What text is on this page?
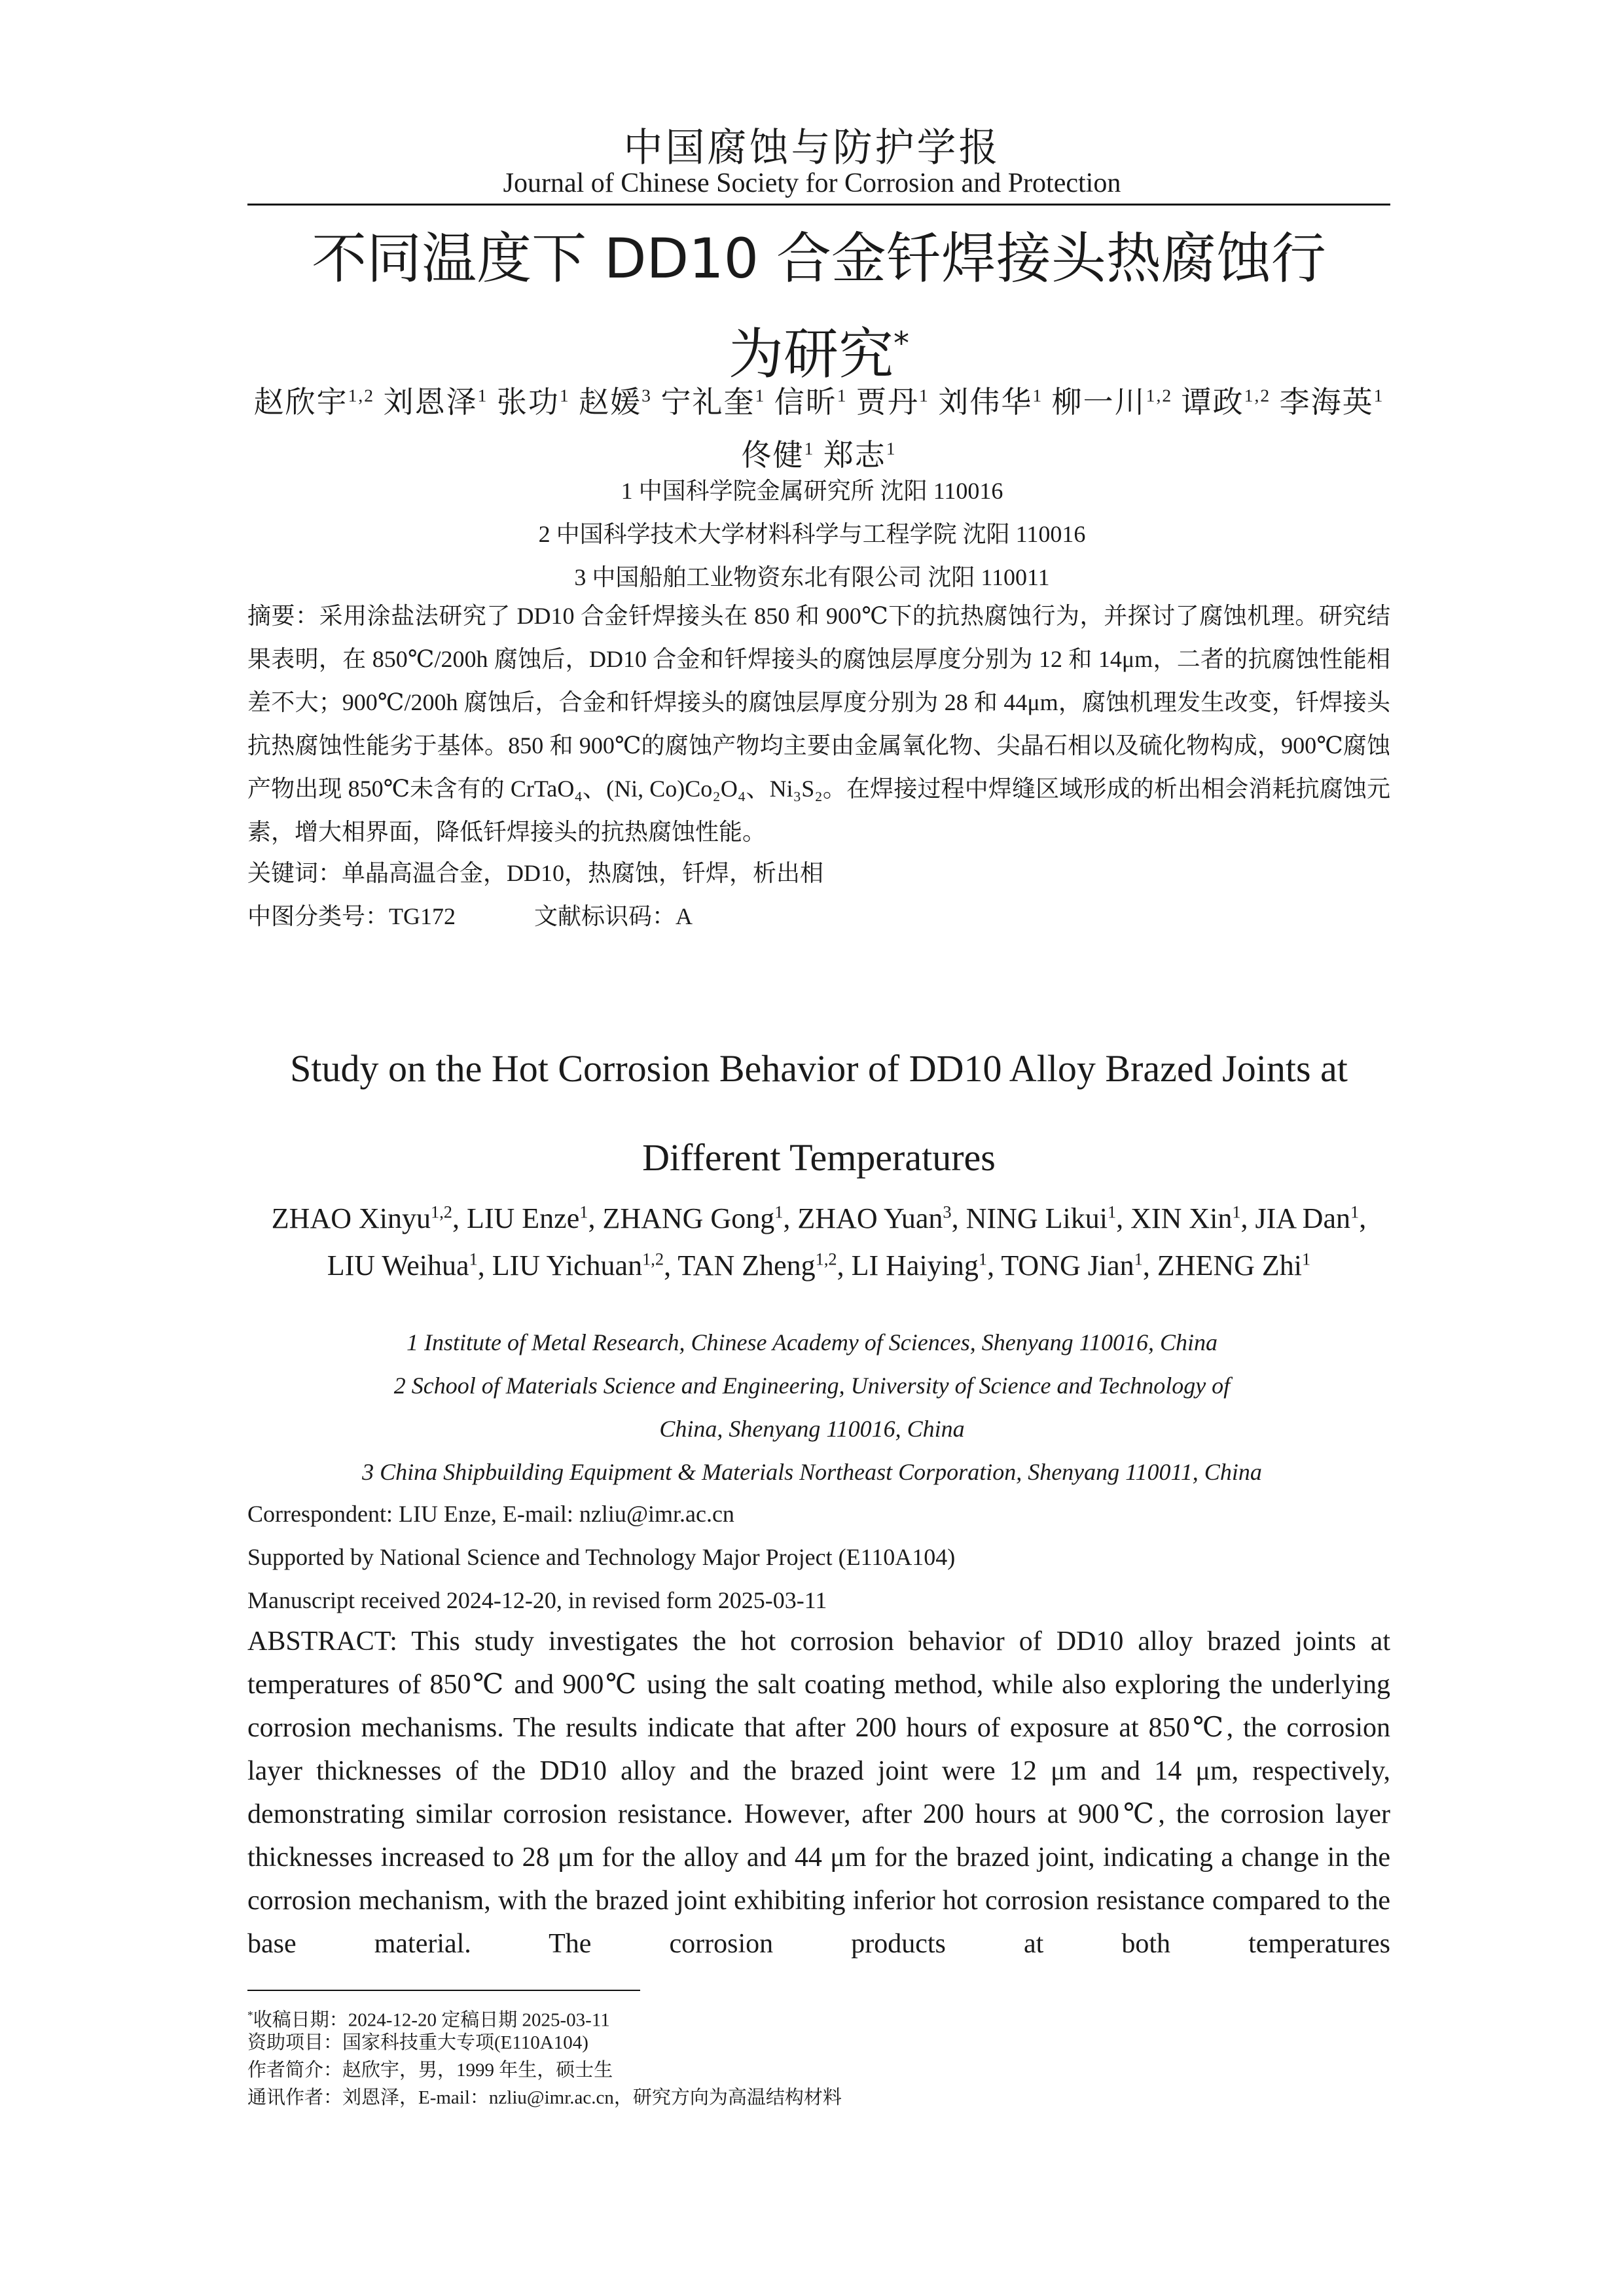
中国腐蚀与防护学报
Journal of Chinese Society for Corrosion and Protection
不同温度下 DD10 合金钎焊接头热腐蚀行
为研究*
赵欣宇$^{1,2}$ 刘恩泽$^1$ 张功$^1$ 赵媛$^3$ 宁礼奎$^1$ 信昕$^1$ 贾丹$^1$ 刘伟华$^1$ 柳一川$^{1,2}$ 谭政$^{1,2}$ 李海英$^1$ 佟健$^1$ 郑志$^1$
1 中国科学院金属研究所 沈阳 110016
2 中国科学技术大学材料科学与工程学院 沈阳 110016
3 中国船舶工业物资东北有限公司 沈阳 110011
摘要：采用涂盐法研究了 DD10 合金钎焊接头在 850 和 900℃下的抗热腐蚀行为，并探讨了腐蚀机理。研究结果表明，在 850℃/200h 腐蚀后，DD10 合金和钎焊接头的腐蚀层厚度分别为 12 和 14μm，二者的抗腐蚀性能相差不大；900℃/200h 腐蚀后，合金和钎焊接头的腐蚀层厚度分别为 28 和 44μm，腐蚀机理发生改变，钎焊接头抗热腐蚀性能劣于基体。850 和 900℃的腐蚀产物均主要由金属氧化物、尖晶石相以及硫化物构成，900℃腐蚀产物出现 850℃未含有的 CrTaO₄、(Ni, Co)Co₂O₄、Ni₃S₂。在焊接过程中焊缝区域形成的析出相会消耗抗腐蚀元素，增大相界面，降低钎焊接头的抗热腐蚀性能。
关键词：单晶高温合金，DD10，热腐蚀，钎焊，析出相
中图分类号：TG172	文献标识码：A
Study on the Hot Corrosion Behavior of DD10 Alloy Brazed Joints at
Different Temperatures
ZHAO Xinyu$^{1,2}$, LIU Enze$^1$, ZHANG Gong$^1$, ZHAO Yuan$^3$, NING Likui$^1$, XIN Xin$^1$, JIA Dan$^1$, LIU Weihua$^1$, LIU Yichuan$^{1,2}$, TAN Zheng$^{1,2}$, LI Haiying$^1$, TONG Jian$^1$, ZHENG Zhi$^1$
1 Institute of Metal Research, Chinese Academy of Sciences, Shenyang 110016, China
2 School of Materials Science and Engineering, University of Science and Technology of
China, Shenyang 110016, China
3 China Shipbuilding Equipment & Materials Northeast Corporation, Shenyang 110011, China
Correspondent: LIU Enze, E-mail: nzliu@imr.ac.cn
Supported by National Science and Technology Major Project (E110A104)
Manuscript received 2024-12-20, in revised form 2025-03-11
ABSTRACT: This study investigates the hot corrosion behavior of DD10 alloy brazed joints at temperatures of 850℃ and 900℃ using the salt coating method, while also exploring the underlying corrosion mechanisms. The results indicate that after 200 hours of exposure at 850℃, the corrosion layer thicknesses of the DD10 alloy and the brazed joint were 12 μm and 14 μm, respectively, demonstrating similar corrosion resistance. However, after 200 hours at 900℃, the corrosion layer thicknesses increased to 28 μm for the alloy and 44 μm for the brazed joint, indicating a change in the corrosion mechanism, with the brazed joint exhibiting inferior hot corrosion resistance compared to the base material. The corrosion products at both temperatures
*收稿日期：2024-12-20 定稿日期 2025-03-11
资助项目：国家科技重大专项(E110A104)
作者简介：赵欣宇，男，1999 年生，硕士生
通讯作者：刘恩泽，E-mail：nzliu@imr.ac.cn，研究方向为高温结构材料
